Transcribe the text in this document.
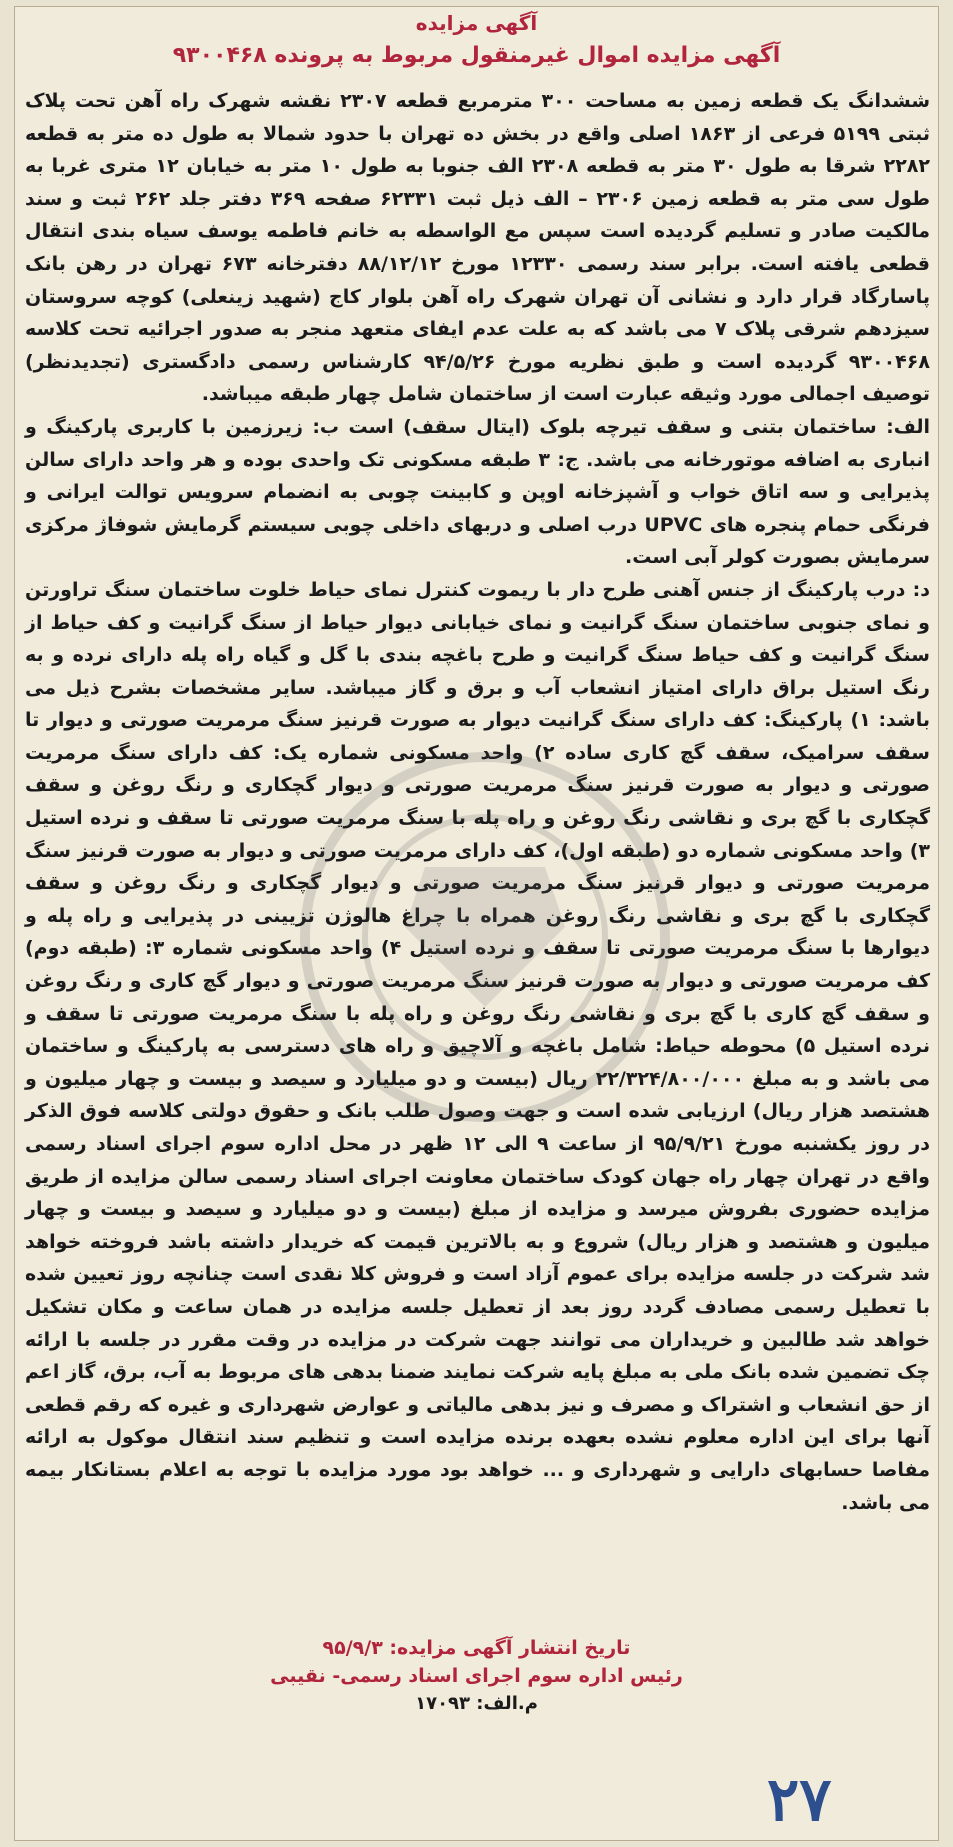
آگهی مزایده
آگهی مزایده اموال غیرمنقول مربوط به پرونده ۹۳۰۰۴۶۸

ششدانگ یک قطعه زمین به مساحت ۳۰۰ مترمربع قطعه ۲۳۰۷ نقشه شهرک راه آهن تحت پلاک ثبتی ۵۱۹۹ فرعی از ۱۸۶۳ اصلی واقع در بخش ده تهران با حدود شمالا به طول ده متر به قطعه ۲۲۸۲ شرقا به طول ۳۰ متر به قطعه ۲۳۰۸ الف جنوبا به طول ۱۰ متر به خیابان ۱۲ متری غربا به طول سی متر به قطعه زمین ۲۳۰۶ – الف ذیل ثبت ۶۲۳۳۱ صفحه ۳۶۹ دفتر جلد ۲۶۲ ثبت و سند مالکیت صادر و تسلیم گردیده است سپس مع الواسطه به خانم فاطمه یوسف سیاه بندی انتقال قطعی یافته است. برابر سند رسمی ۱۲۳۳۰ مورخ ۸۸/۱۲/۱۲ دفترخانه ۶۷۳ تهران در رهن بانک پاسارگاد قرار دارد و نشانی آن تهران شهرک راه آهن بلوار کاج (شهید زینعلی) کوچه سروستان سیزدهم شرقی پلاک ۷ می باشد که به علت عدم ایفای متعهد منجر به صدور اجرائیه تحت کلاسه ۹۳۰۰۴۶۸ گردیده است و طبق نظریه مورخ ۹۴/۵/۲۶ کارشناس رسمی دادگستری (تجدیدنظر) توصیف اجمالی مورد وثیقه عبارت است از ساختمان شامل چهار طبقه میباشد.

الف: ساختمان بتنی و سقف تیرچه بلوک (ایتال سقف) است ب: زیرزمین با کاربری پارکینگ و انباری به اضافه موتورخانه می باشد. ج: ۳ طبقه مسکونی تک واحدی بوده و هر واحد دارای سالن پذیرایی و سه اتاق خواب و آشپزخانه اوپن و کابینت چوبی به انضمام سرویس توالت ایرانی و فرنگی حمام پنجره های UPVC درب اصلی و دربهای داخلی چوبی سیستم گرمایش شوفاژ مرکزی سرمایش بصورت کولر آبی است.

د: درب پارکینگ از جنس آهنی طرح دار با ریموت کنترل نمای حیاط خلوت ساختمان سنگ تراورتن و نمای جنوبی ساختمان سنگ گرانیت و نمای خیابانی دیوار حیاط از سنگ گرانیت و کف حیاط از سنگ گرانیت و کف حیاط سنگ گرانیت و طرح باغچه بندی با گل و گیاه راه پله دارای نرده و به رنگ استیل براق دارای امتیاز انشعاب آب و برق و گاز میباشد. سایر مشخصات بشرح ذیل می باشد: ۱) پارکینگ: کف دارای سنگ گرانیت دیوار به صورت قرنیز سنگ مرمریت صورتی و دیوار تا سقف سرامیک، سقف گچ کاری ساده ۲) واحد مسکونی شماره یک: کف دارای سنگ مرمریت صورتی و دیوار به صورت قرنیز سنگ مرمریت صورتی و دیوار گچکاری و رنگ روغن و سقف گچکاری با گچ بری و نقاشی رنگ روغن و راه پله با سنگ مرمریت صورتی تا سقف و نرده استیل ۳) واحد مسکونی شماره دو (طبقه اول)، کف دارای مرمریت صورتی و دیوار به صورت قرنیز سنگ مرمریت صورتی و دیوار قرنیز سنگ مرمریت صورتی و دیوار گچکاری و رنگ روغن و سقف گچکاری با گچ بری و نقاشی رنگ روغن همراه با چراغ هالوژن تزیینی در پذیرایی و راه پله و دیوارها با سنگ مرمریت صورتی تا سقف و نرده استیل ۴) واحد مسکونی شماره ۳: (طبقه دوم) کف مرمریت صورتی و دیوار به صورت قرنیز سنگ مرمریت صورتی و دیوار گچ کاری و رنگ روغن و سقف گچ کاری با گچ بری و نقاشی رنگ روغن و راه پله با سنگ مرمریت صورتی تا سقف و نرده استیل ۵) محوطه حیاط: شامل باغچه و آلاچیق و راه های دسترسی به پارکینگ و ساختمان می باشد و به مبلغ ۲۲/۳۲۴/۸۰۰/۰۰۰ ریال (بیست و دو میلیارد و سیصد و بیست و چهار میلیون و هشتصد هزار ریال) ارزیابی شده است و جهت وصول طلب بانک و حقوق دولتی کلاسه فوق الذکر در روز یکشنبه مورخ ۹۵/۹/۲۱ از ساعت ۹ الی ۱۲ ظهر در محل اداره سوم اجرای اسناد رسمی واقع در تهران چهار راه جهان کودک ساختمان معاونت اجرای اسناد رسمی سالن مزایده از طریق مزایده حضوری بفروش میرسد و مزایده از مبلغ (بیست و دو میلیارد و سیصد و بیست و چهار میلیون و هشتصد و هزار ریال) شروع و به بالاترین قیمت که خریدار داشته باشد فروخته خواهد شد شرکت در جلسه مزایده برای عموم آزاد است و فروش کلا نقدی است چنانچه روز تعیین شده با تعطیل رسمی مصادف گردد روز بعد از تعطیل جلسه مزایده در همان ساعت و مکان تشکیل خواهد شد طالبین و خریداران می توانند جهت شرکت در مزایده در وقت مقرر در جلسه با ارائه چک تضمین شده بانک ملی به مبلغ پایه شرکت نمایند ضمنا بدهی های مربوط به آب، برق، گاز اعم از حق انشعاب و اشتراک و مصرف و نیز بدهی مالیاتی و عوارض شهرداری و غیره که رقم قطعی آنها برای این اداره معلوم نشده بعهده برنده مزایده است و تنظیم سند انتقال موکول به ارائه مفاصا حسابهای دارایی و شهرداری و ... خواهد بود مورد مزایده با توجه به اعلام بستانکار بیمه می باشد.

تاریخ انتشار آگهی مزایده: ۹۵/۹/۳
رئیس اداره سوم اجرای اسناد رسمی- نقیبی
م.الف: ۱۷۰۹۳
۲۷
